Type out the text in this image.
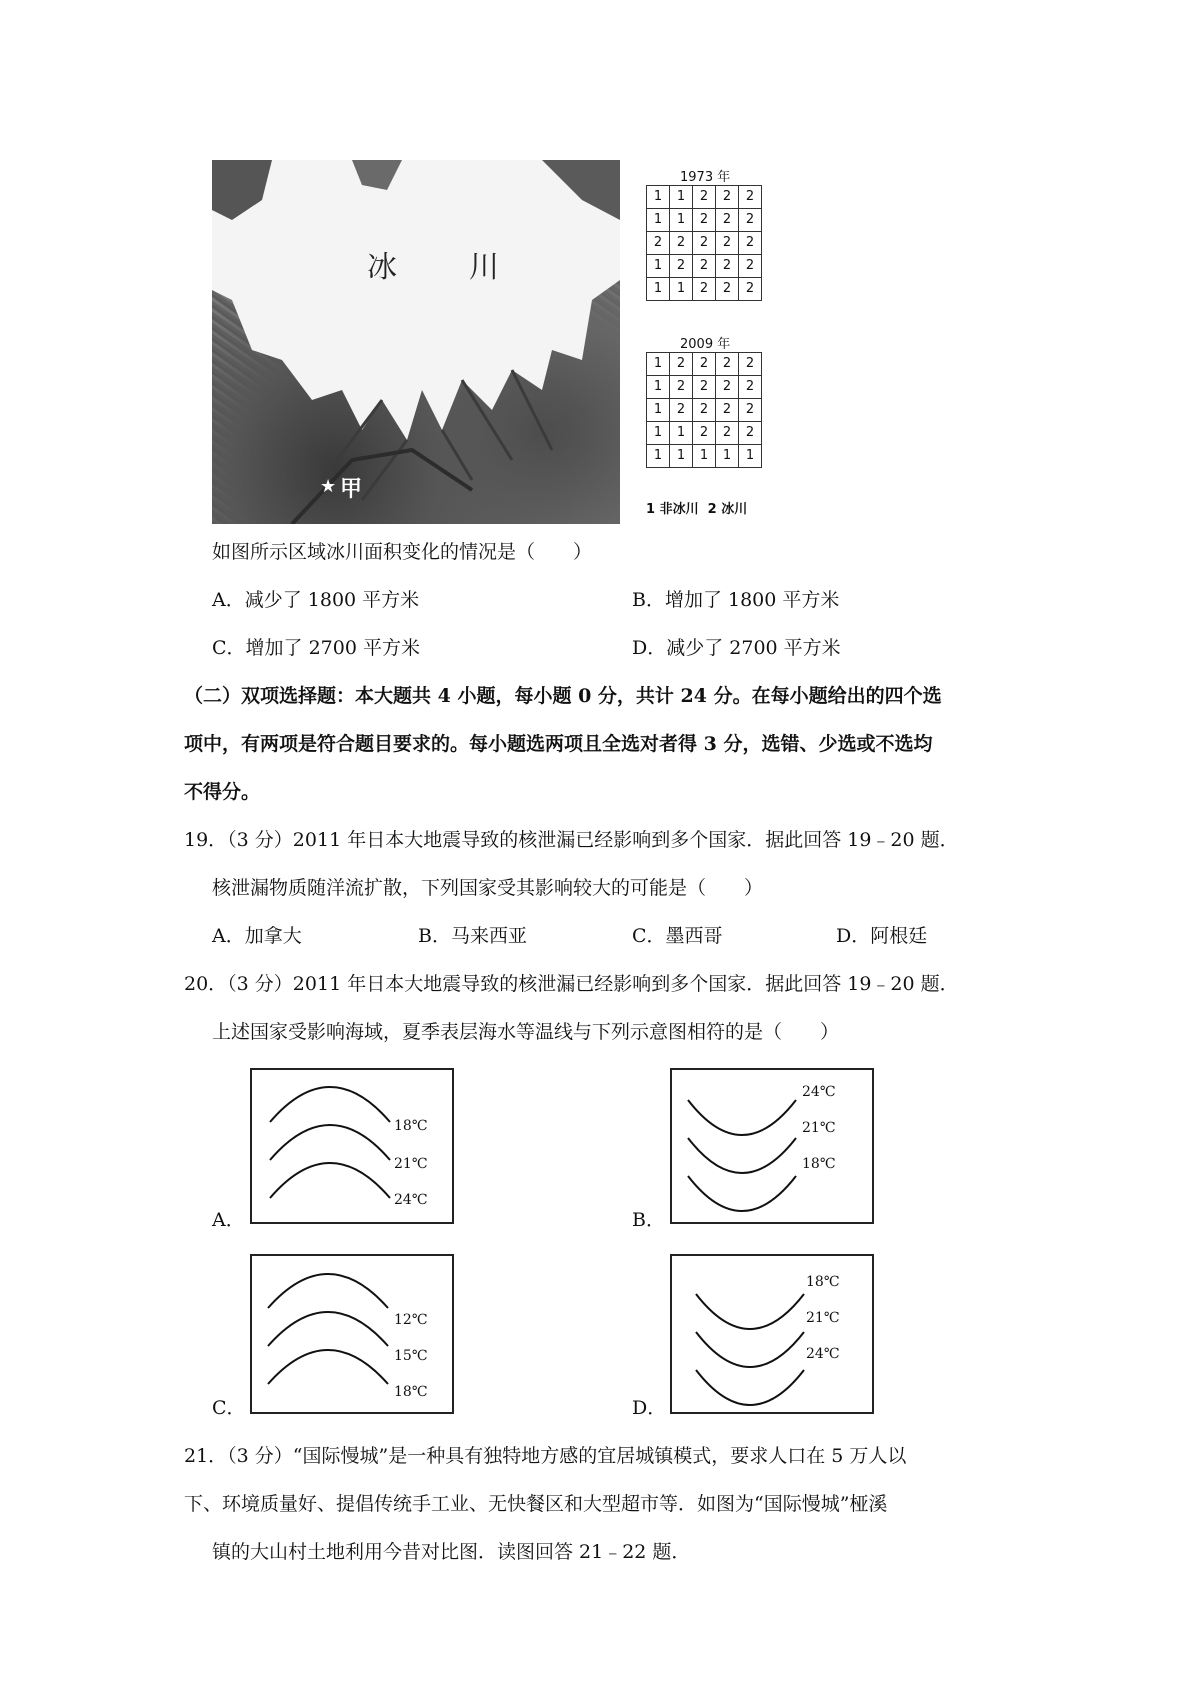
冰　　川
★ 甲
1973 年
1	1	2	2	2
1	1	2	2	2
2	2	2	2	2
1	2	2	2	2
1	1	2	2	2
2009 年
1	2	2	2	2
1	2	2	2	2
1	2	2	2	2
1	1	2	2	2
1	1	1	1	1
1 非冰川  2 冰川
如图所示区域冰川面积变化的情况是（　　）
A．减少了 1800 平方米	B．增加了 1800 平方米
C．增加了 2700 平方米	D．减少了 2700 平方米
（二）双项选择题：本大题共 4 小题，每小题 0 分，共计 24 分。在每小题给出的四个选
项中，有两项是符合题目要求的。每小题选两项且全选对者得 3 分，选错、少选或不选均
不得分。
19．（3 分）2011 年日本大地震导致的核泄漏已经影响到多个国家．据此回答 19﹣20 题．
核泄漏物质随洋流扩散，下列国家受其影响较大的可能是（　　）
A．加拿大	B．马来西亚	C．墨西哥	D．阿根廷
20．（3 分）2011 年日本大地震导致的核泄漏已经影响到多个国家．据此回答 19﹣20 题．
上述国家受影响海域，夏季表层海水等温线与下列示意图相符的是（　　）
A．
18℃
21℃
24℃
B．
24℃
21℃
18℃
C．
12℃
15℃
18℃
D．
18℃
21℃
24℃
21．（3 分）“国际慢城”是一种具有独特地方感的宜居城镇模式，要求人口在 5 万人以
下、环境质量好、提倡传统手工业、无快餐区和大型超市等．如图为“国际慢城”桠溪
镇的大山村土地利用今昔对比图．读图回答 21﹣22 题．
